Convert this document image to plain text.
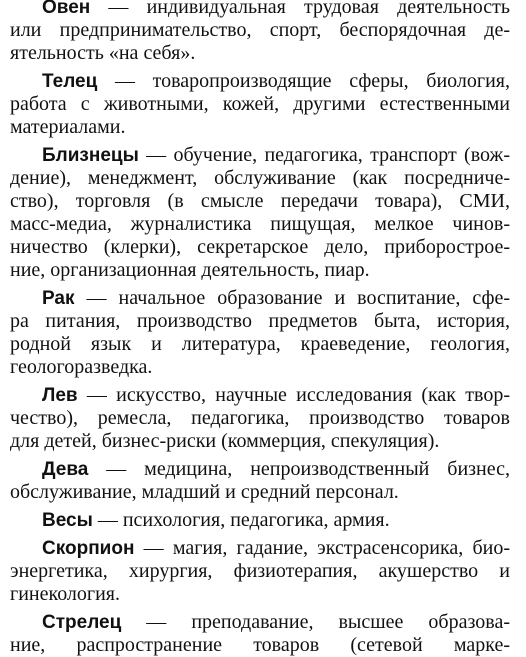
Овен — индивидуальная трудовая деятельность
или предпринимательство, спорт, беспорядочная де-
ятельность «на себя».
Телец — товаропроизводящие сферы, биология,
работа с животными, кожей, другими естественными
материалами.
Близнецы — обучение, педагогика, транспорт (вож-
дение), менеджмент, обслуживание (как посредниче-
ство), торговля (в смысле передачи товара), СМИ,
масс-медиа, журналистика пищущая, мелкое чинов-
ничество (клерки), секретарское дело, приборострое-
ние, организационная деятельность, пиар.
Рак — начальное образование и воспитание, сфе-
ра питания, производство предметов быта, история,
родной язык и литература, краеведение, геология,
геологоразведка.
Лев — искусство, научные исследования (как твор-
чество), ремесла, педагогика, производство товаров
для детей, бизнес-риски (коммерция, спекуляция).
Дева — медицина, непроизводственный бизнес,
обслуживание, младший и средний персонал.
Весы — психология, педагогика, армия.
Скорпион — магия, гадание, экстрасенсорика, био-
энергетика, хирургия, физиотерапия, акушерство и
гинекология.
Стрелец — преподавание, высшее образова-
ние, распространение товаров (сетевой марке-
